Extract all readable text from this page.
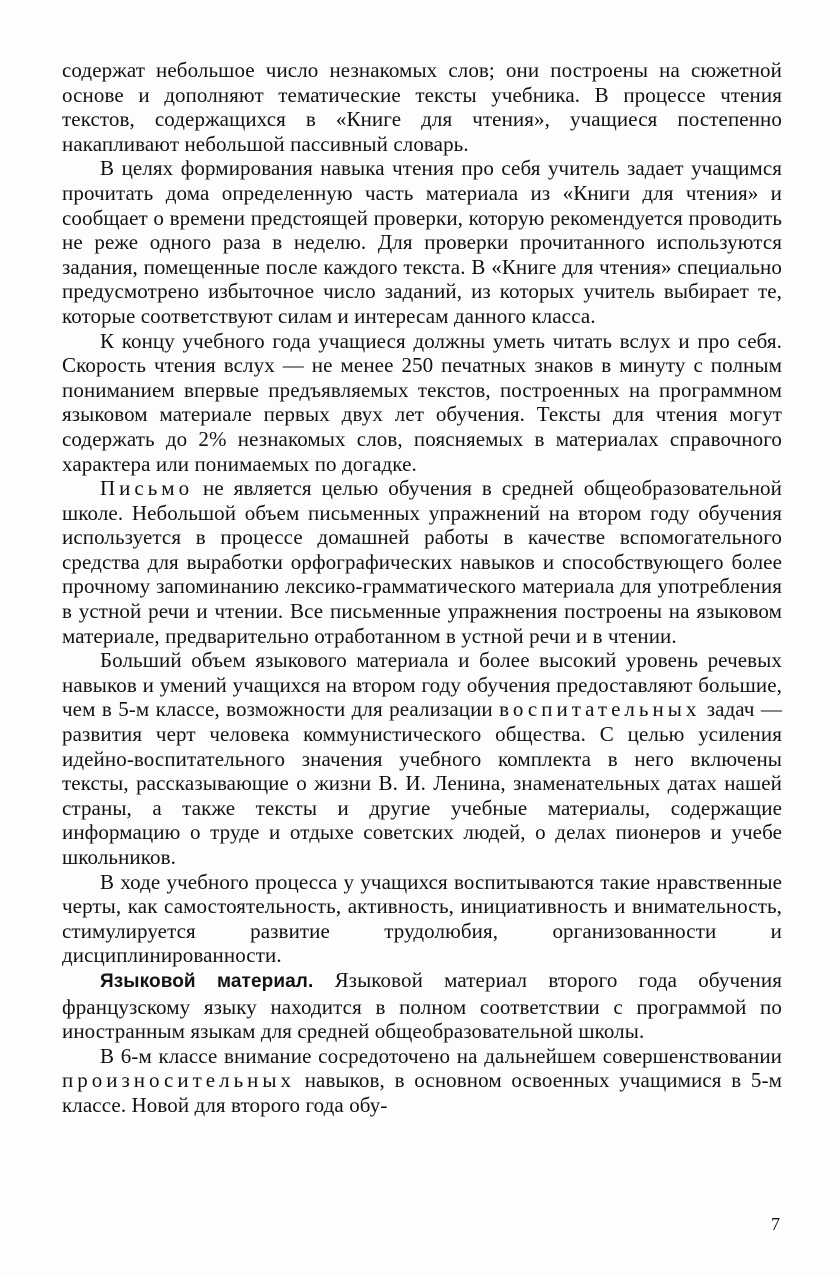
содержат небольшое число незнакомых слов; они построены на сюжетной основе и дополняют тематические тексты учебника. В процессе чтения текстов, содержащихся в «Книге для чтения», учащиеся постепенно накапливают небольшой пассивный словарь.

В целях формирования навыка чтения про себя учитель задает учащимся прочитать дома определенную часть материала из «Книги для чтения» и сообщает о времени предстоящей проверки, которую рекомендуется проводить не реже одного раза в неделю. Для проверки прочитанного используются задания, помещенные после каждого текста. В «Книге для чтения» специально предусмотрено избыточное число заданий, из которых учитель выбирает те, которые соответствуют силам и интересам данного класса.

К концу учебного года учащиеся должны уметь читать вслух и про себя. Скорость чтения вслух — не менее 250 печатных знаков в минуту с полным пониманием впервые предъявляемых текстов, построенных на программном языковом материале первых двух лет обучения. Тексты для чтения могут содержать до 2% незнакомых слов, поясняемых в материалах справочного характера или понимаемых по догадке.

Письмо не является целью обучения в средней общеобразовательной школе. Небольшой объем письменных упражнений на втором году обучения используется в процессе домашней работы в качестве вспомогательного средства для выработки орфографических навыков и способствующего более прочному запоминанию лексико-грамматического материала для употребления в устной речи и чтении. Все письменные упражнения построены на языковом материале, предварительно отработанном в устной речи и в чтении.

Больший объем языкового материала и более высокий уровень речевых навыков и умений учащихся на втором году обучения предоставляют большие, чем в 5-м классе, возможности для реализации воспитательных задач — развития черт человека коммунистического общества. С целью усиления идейно-воспитательного значения учебного комплекта в него включены тексты, рассказывающие о жизни В. И. Ленина, знаменательных датах нашей страны, а также тексты и другие учебные материалы, содержащие информацию о труде и отдыхе советских людей, о делах пионеров и учебе школьников.

В ходе учебного процесса у учащихся воспитываются такие нравственные черты, как самостоятельность, активность, инициативность и внимательность, стимулируется развитие трудолюбия, организованности и дисциплинированности.

Языковой материал. Языковой материал второго года обучения французскому языку находится в полном соответствии с программой по иностранным языкам для средней общеобразовательной школы.

В 6-м классе внимание сосредоточено на дальнейшем совершенствовании произносительных навыков, в основном освоенных учащимися в 5-м классе. Новой для второго года обу-

7
